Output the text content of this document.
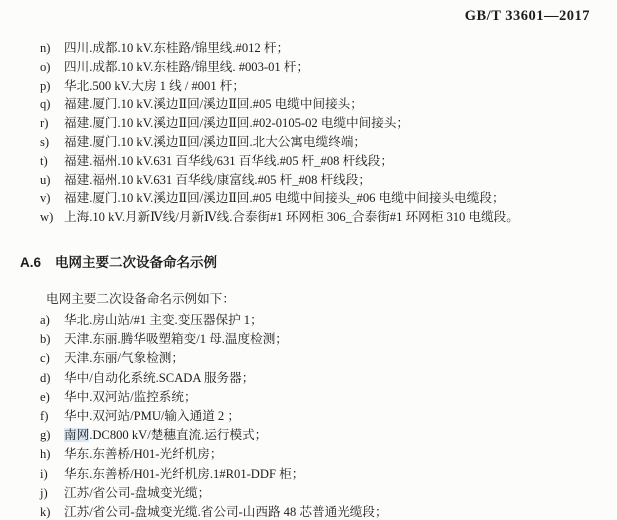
GB/T 33601—2017
n) 四川.成都.10 kV.东桂路/锦里线.#012 杆；
o) 四川.成都.10 kV.东桂路/锦里线. #003-01 杆；
p) 华北.500 kV.大房 1 线 / #001 杆；
q) 福建.厦门.10 kV.溪边Ⅱ回/溪边Ⅱ回.#05 电缆中间接头；
r) 福建.厦门.10 kV.溪边Ⅱ回/溪边Ⅱ回.#02-0105-02 电缆中间接头；
s) 福建.厦门.10 kV.溪边Ⅱ回/溪边Ⅱ回.北大公寓电缆终端；
t) 福建.福州.10 kV.631 百华线/631 百华线.#05 杆_#08 杆线段；
u) 福建.福州.10 kV.631 百华线/康富线.#05 杆_#08 杆线段；
v) 福建.厦门.10 kV.溪边Ⅱ回/溪边Ⅱ回.#05 电缆中间接头_#06 电缆中间接头电缆段；
w) 上海.10 kV.月新Ⅳ线/月新Ⅳ线.合泰街#1 环网柜 306_合泰街#1 环网柜 310 电缆段。
A.6 电网主要二次设备命名示例
电网主要二次设备命名示例如下：
a) 华北.房山站/#1 主变.变压器保护 1；
b) 天津.东丽.腾华吸塑箱变/1 母.温度检测；
c) 天津.东丽/气象检测；
d) 华中/自动化系统.SCADA 服务器；
e) 华中.双河站/监控系统；
f) 华中.双河站/PMU/输入通道 2 ；
g) 南网.DC800 kV/楚穗直流.运行模式；
h) 华东.东善桥/H01-光纤机房；
i) 华东.东善桥/H01-光纤机房.1#R01-DDF 柜；
j) 江苏/省公司-盘城变光缆；
k) 江苏/省公司-盘城变光缆.省公司-山西路 48 芯普通光缆段；
